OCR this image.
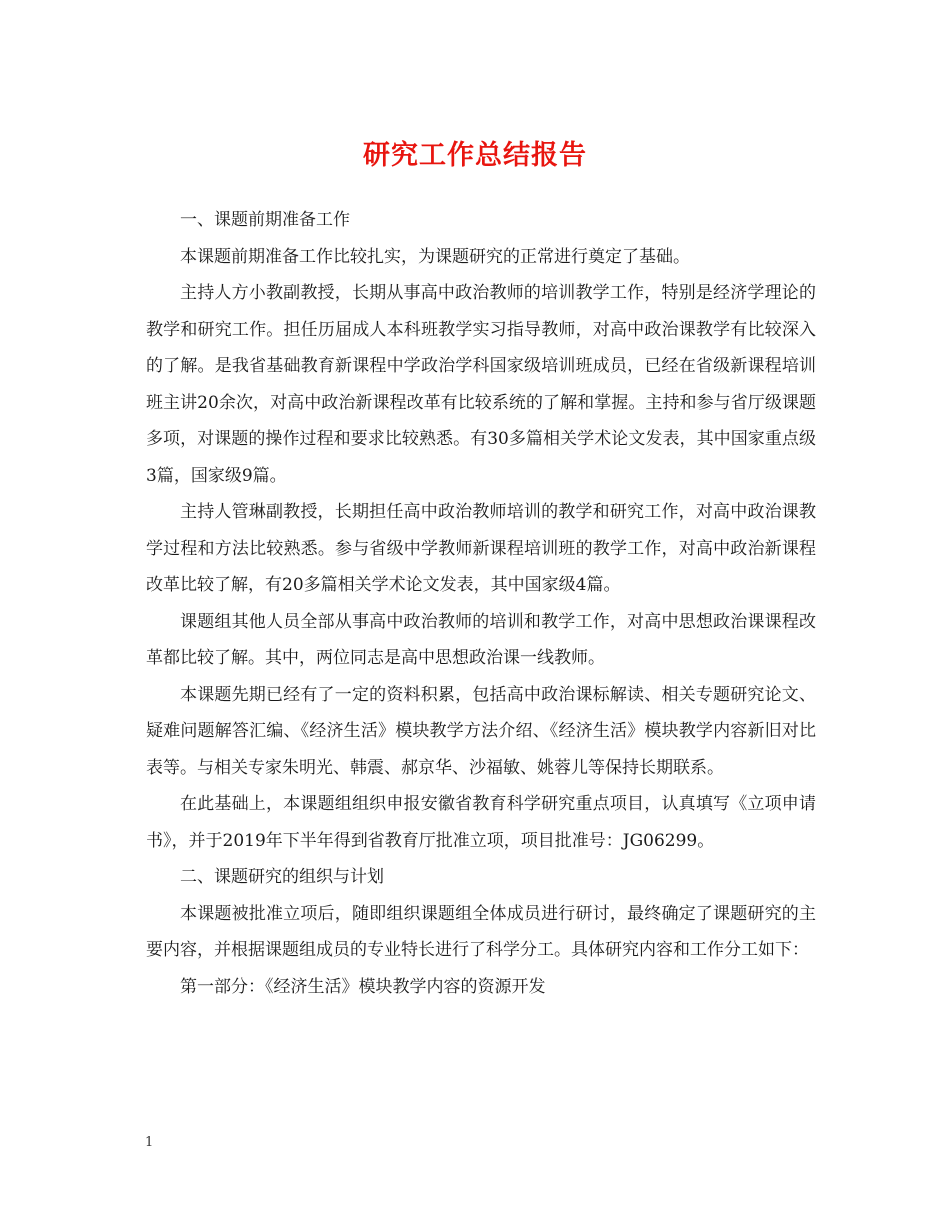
研究工作总结报告

一、课题前期准备工作

本课题前期准备工作比较扎实，为课题研究的正常进行奠定了基础。

主持人方小教副教授，长期从事高中政治教师的培训教学工作，特别是经济学理论的教学和研究工作。担任历届成人本科班教学实习指导教师，对高中政治课教学有比较深入的了解。是我省基础教育新课程中学政治学科国家级培训班成员，已经在省级新课程培训班主讲20余次，对高中政治新课程改革有比较系统的了解和掌握。主持和参与省厅级课题多项，对课题的操作过程和要求比较熟悉。有30多篇相关学术论文发表，其中国家重点级3篇，国家级9篇。

主持人管琳副教授，长期担任高中政治教师培训的教学和研究工作，对高中政治课教学过程和方法比较熟悉。参与省级中学教师新课程培训班的教学工作，对高中政治新课程改革比较了解，有20多篇相关学术论文发表，其中国家级4篇。

课题组其他人员全部从事高中政治教师的培训和教学工作，对高中思想政治课课程改革都比较了解。其中，两位同志是高中思想政治课一线教师。

本课题先期已经有了一定的资料积累，包括高中政治课标解读、相关专题研究论文、疑难问题解答汇编、《经济生活》模块教学方法介绍、《经济生活》模块教学内容新旧对比表等。与相关专家朱明光、韩震、郝京华、沙福敏、姚蓉儿等保持长期联系。

在此基础上，本课题组组织申报安徽省教育科学研究重点项目，认真填写《立项申请书》，并于2019年下半年得到省教育厅批准立项，项目批准号：JG06299。

二、课题研究的组织与计划

本课题被批准立项后，随即组织课题组全体成员进行研讨，最终确定了课题研究的主要内容，并根据课题组成员的专业特长进行了科学分工。具体研究内容和工作分工如下：

第一部分：《经济生活》模块教学内容的资源开发

1
